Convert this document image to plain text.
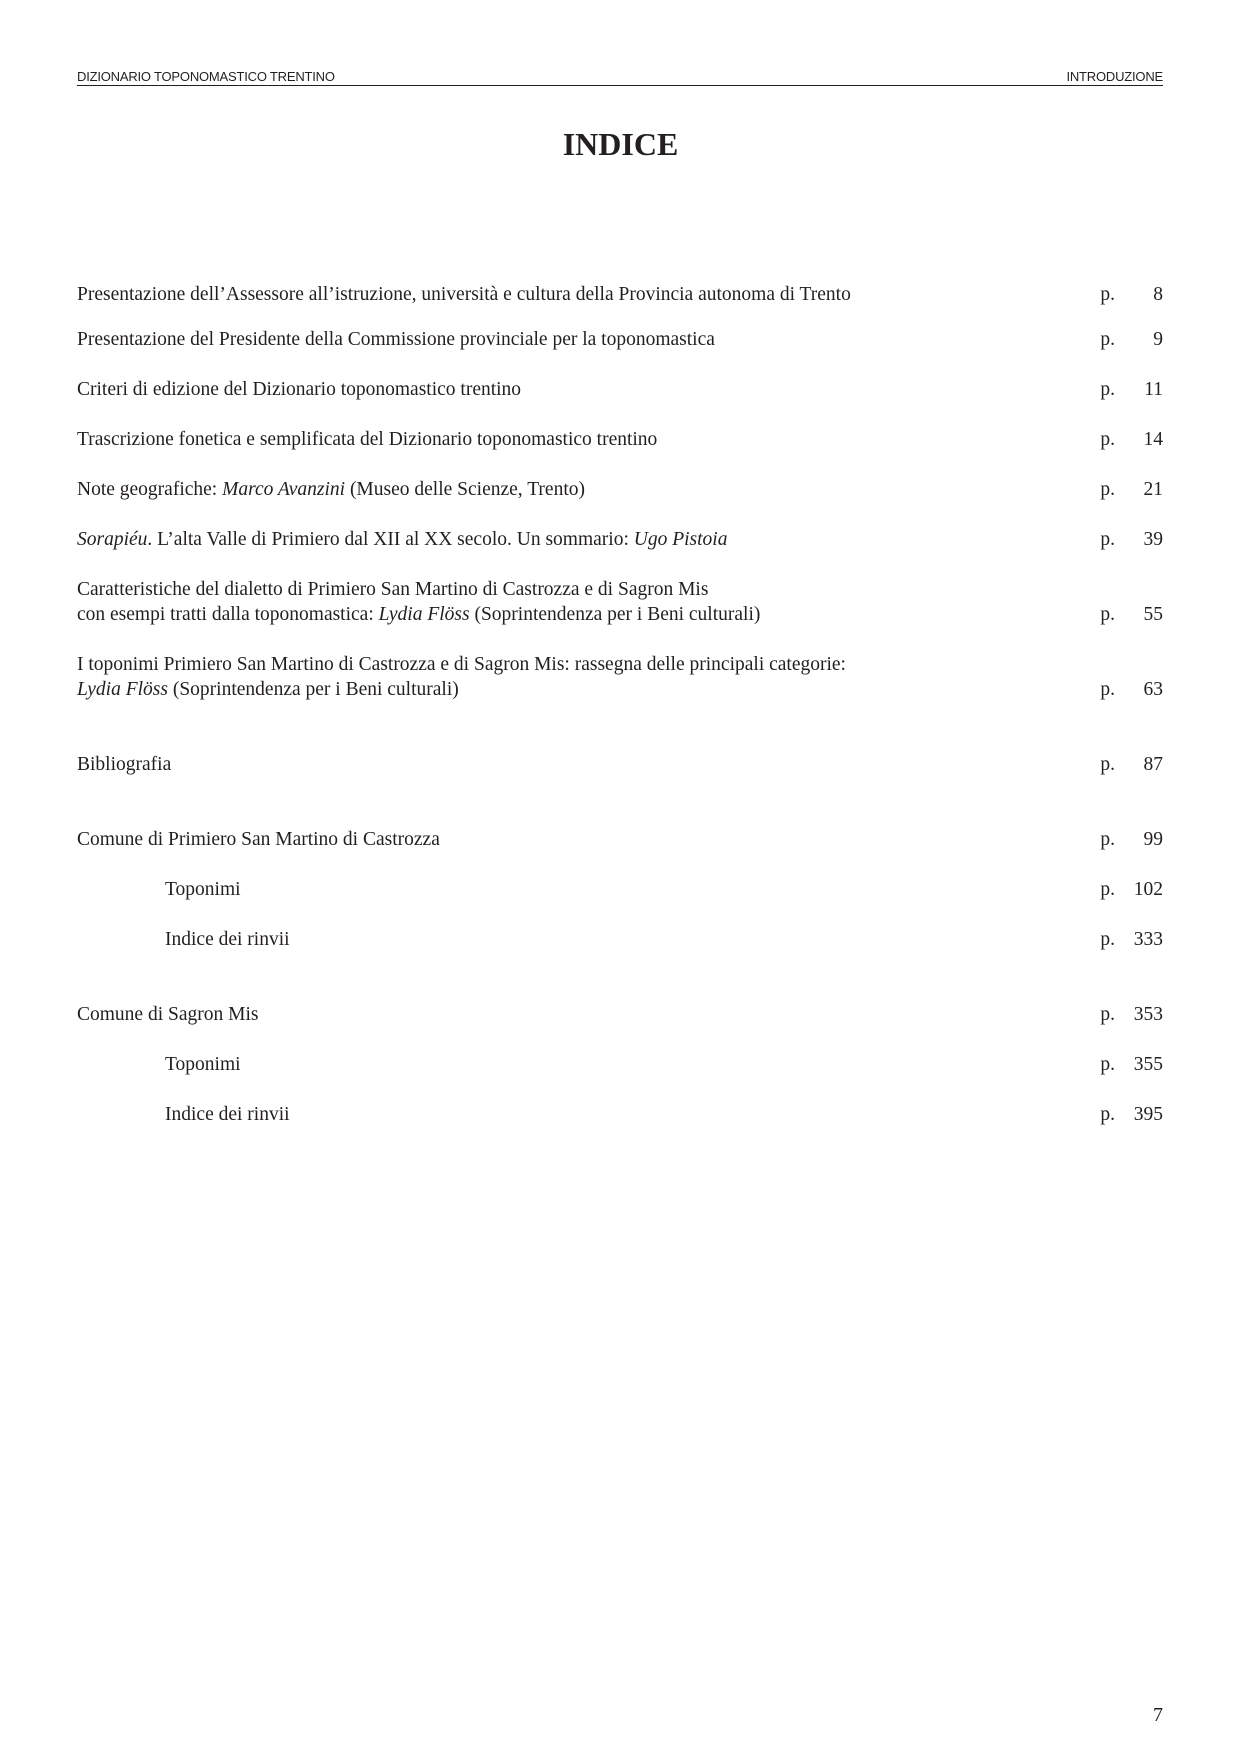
DIZIONARIO TOPONOMASTICO TRENTINO	INTRODUZIONE
INDICE
Presentazione dell’Assessore all’istruzione, università e cultura della Provincia autonoma di Trento	p. 8
Presentazione del Presidente della Commissione provinciale per la toponomastica	p. 9
Criteri di edizione del Dizionario toponomastico trentino	p. 11
Trascrizione fonetica e semplificata del Dizionario toponomastico trentino	p. 14
Note geografiche: Marco Avanzini (Museo delle Scienze, Trento)	p. 21
Sorapiéu. L’alta Valle di Primiero dal XII al XX secolo. Un sommario: Ugo Pistoia	p. 39
Caratteristiche del dialetto di Primiero San Martino di Castrozza e di Sagron Mis
con esempi tratti dalla toponomastica: Lydia Flöss (Soprintendenza per i Beni culturali)	p. 55
I toponimi Primiero San Martino di Castrozza e di Sagron Mis: rassegna delle principali categorie:
Lydia Flöss (Soprintendenza per i Beni culturali)	p. 63
Bibliografia	p. 87
Comune di Primiero San Martino di Castrozza	p. 99
Toponimi	p. 102
Indice dei rinvii	p. 333
Comune di Sagron Mis	p. 353
Toponimi	p. 355
Indice dei rinvii	p. 395
7
